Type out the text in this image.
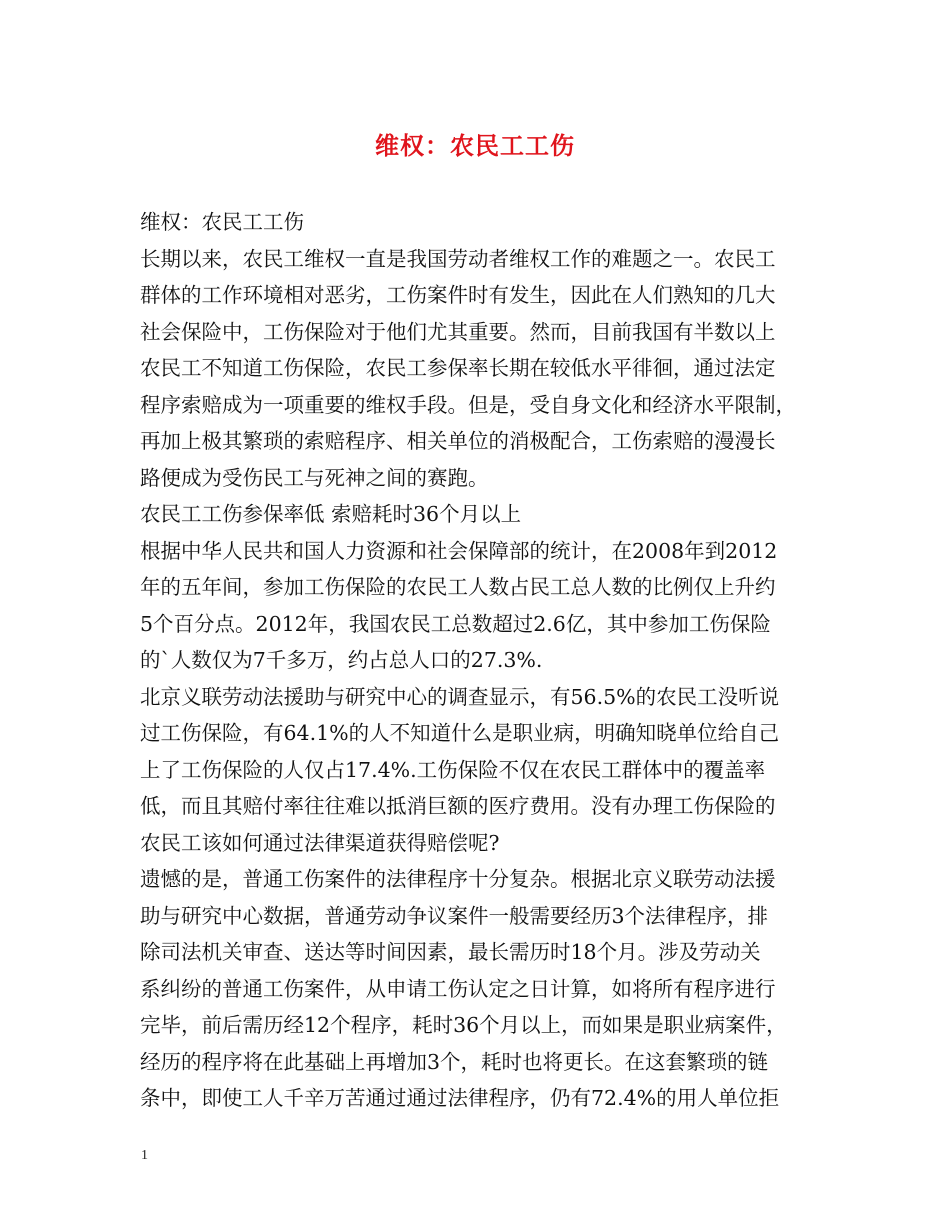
维权：农民工工伤
维权：农民工工伤
长期以来，农民工维权一直是我国劳动者维权工作的难题之一。农民工
群体的工作环境相对恶劣，工伤案件时有发生，因此在人们熟知的几大
社会保险中，工伤保险对于他们尤其重要。然而，目前我国有半数以上
农民工不知道工伤保险，农民工参保率长期在较低水平徘徊，通过法定
程序索赔成为一项重要的维权手段。但是，受自身文化和经济水平限制，
再加上极其繁琐的索赔程序、相关单位的消极配合，工伤索赔的漫漫长
路便成为受伤民工与死神之间的赛跑。
农民工工伤参保率低 索赔耗时36个月以上
根据中华人民共和国人力资源和社会保障部的统计，在2008年到2012
年的五年间，参加工伤保险的农民工人数占民工总人数的比例仅上升约
5个百分点。2012年，我国农民工总数超过2.6亿，其中参加工伤保险
的`人数仅为7千多万，约占总人口的27.3%.
北京义联劳动法援助与研究中心的调查显示，有56.5%的农民工没听说
过工伤保险，有64.1%的人不知道什么是职业病，明确知晓单位给自己
上了工伤保险的人仅占17.4%.工伤保险不仅在农民工群体中的覆盖率
低，而且其赔付率往往难以抵消巨额的医疗费用。没有办理工伤保险的
农民工该如何通过法律渠道获得赔偿呢?
遗憾的是，普通工伤案件的法律程序十分复杂。根据北京义联劳动法援
助与研究中心数据，普通劳动争议案件一般需要经历3个法律程序，排
除司法机关审查、送达等时间因素，最长需历时18个月。涉及劳动关
系纠纷的普通工伤案件，从申请工伤认定之日计算，如将所有程序进行
完毕，前后需历经12个程序，耗时36个月以上，而如果是职业病案件，
经历的程序将在此基础上再增加3个，耗时也将更长。在这套繁琐的链
条中，即使工人千辛万苦通过通过法律程序，仍有72.4%的用人单位拒
1
